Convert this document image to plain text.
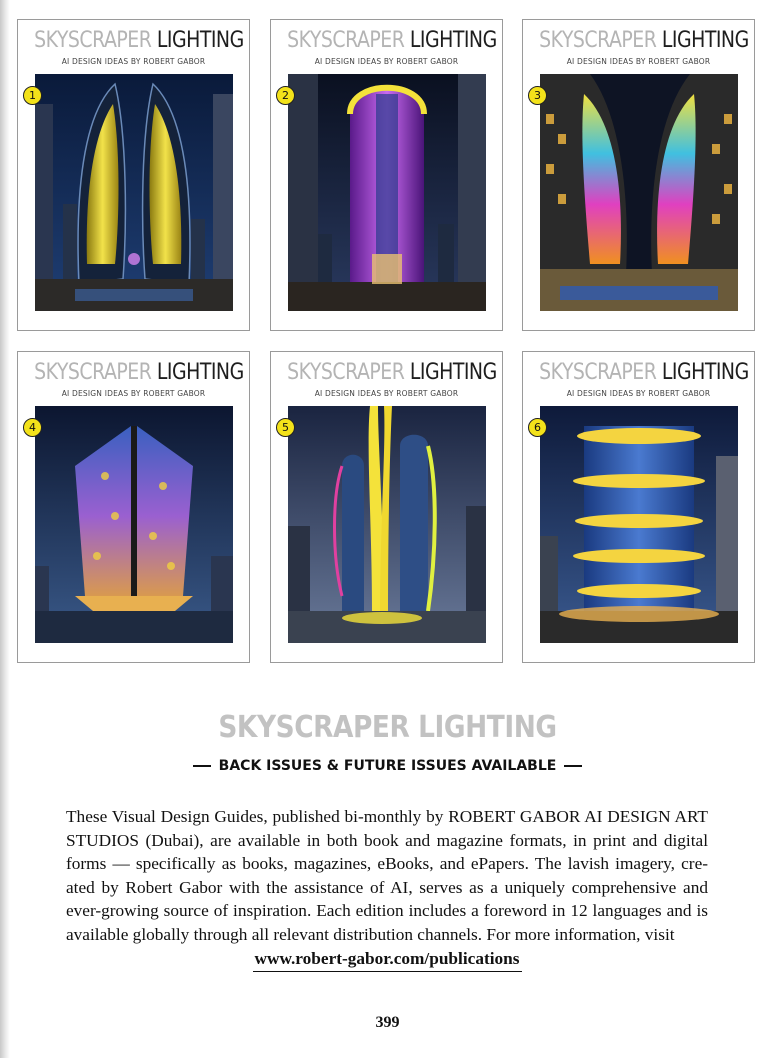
SKYSCRAPER LIGHTING
AI DESIGN IDEAS BY ROBERT GABOR
1
SKYSCRAPER LIGHTING
AI DESIGN IDEAS BY ROBERT GABOR
2
SKYSCRAPER LIGHTING
AI DESIGN IDEAS BY ROBERT GABOR
3
SKYSCRAPER LIGHTING
AI DESIGN IDEAS BY ROBERT GABOR
4
SKYSCRAPER LIGHTING
AI DESIGN IDEAS BY ROBERT GABOR
5
SKYSCRAPER LIGHTING
AI DESIGN IDEAS BY ROBERT GABOR
6
SKYSCRAPER LIGHTING
BACK ISSUES & FUTURE ISSUES AVAILABLE

These Visual Design Guides, published bi-monthly by ROBERT GABOR AI DESIGN ART STUDIOS (Dubai), are available in both book and magazine formats, in print and digital forms — specifically as books, magazines, eBooks, and ePapers. The lavish imagery, cre-ated by Robert Gabor with the assistance of AI, serves as a uniquely comprehensive and ever-growing source of inspiration. Each edition includes a foreword in 12 languages and is available globally through all relevant distribution channels. For more information, visit
www.robert-gabor.com/publications

399
